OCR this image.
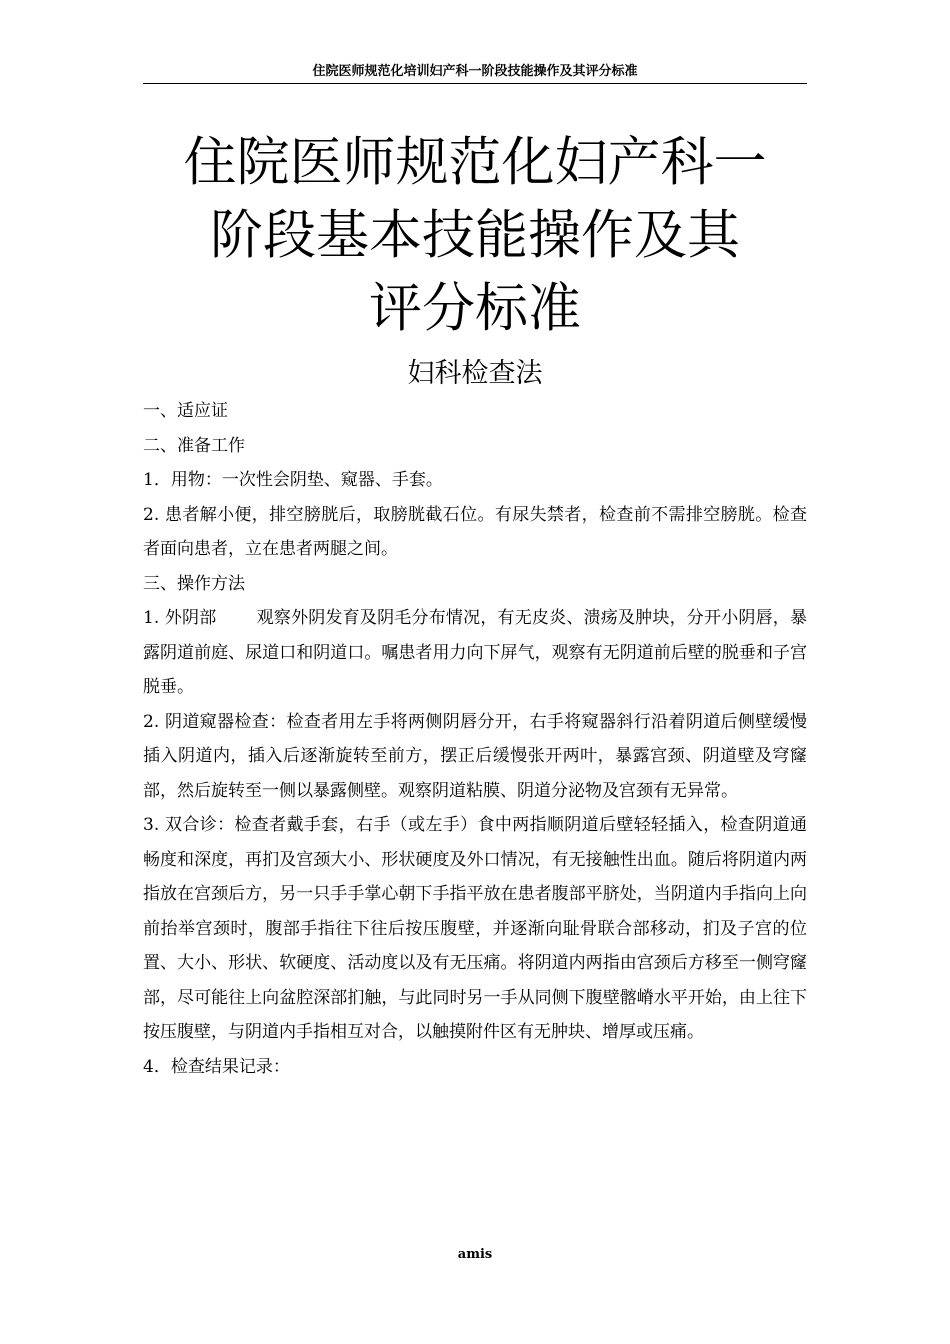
住院医师规范化培训妇产科一阶段技能操作及其评分标准
住院医师规范化妇产科一
阶段基本技能操作及其
评分标准
妇科检查法

一、适应证

二、准备工作

1．用物：一次性会阴垫、窥器、手套。

2. 患者解小便，排空膀胱后，取膀胱截石位。有尿失禁者，检查前不需排空膀胱。检查者面向患者，立在患者两腿之间。

三、操作方法

1. 外阴部 观察外阴发育及阴毛分布情况，有无皮炎、溃疡及肿块，分开小阴唇，暴露阴道前庭、尿道口和阴道口。嘱患者用力向下屏气，观察有无阴道前后壁的脱垂和子宫脱垂。

2. 阴道窥器检查：检查者用左手将两侧阴唇分开，右手将窥器斜行沿着阴道后侧壁缓慢插入阴道内，插入后逐渐旋转至前方，摆正后缓慢张开两叶，暴露宫颈、阴道壁及穹窿部，然后旋转至一侧以暴露侧壁。观察阴道粘膜、阴道分泌物及宫颈有无异常。

3. 双合诊：检查者戴手套，右手（或左手）食中两指顺阴道后壁轻轻插入，检查阴道通畅度和深度，再扪及宫颈大小、形状硬度及外口情况，有无接触性出血。随后将阴道内两指放在宫颈后方，另一只手手掌心朝下手指平放在患者腹部平脐处，当阴道内手指向上向前抬举宫颈时，腹部手指往下往后按压腹壁，并逐渐向耻骨联合部移动，扪及子宫的位置、大小、形状、软硬度、活动度以及有无压痛。将阴道内两指由宫颈后方移至一侧穹窿部，尽可能往上向盆腔深部扪触，与此同时另一手从同侧下腹壁髂嵴水平开始，由上往下按压腹壁，与阴道内手指相互对合，以触摸附件区有无肿块、增厚或压痛。

4．检查结果记录：

amis
